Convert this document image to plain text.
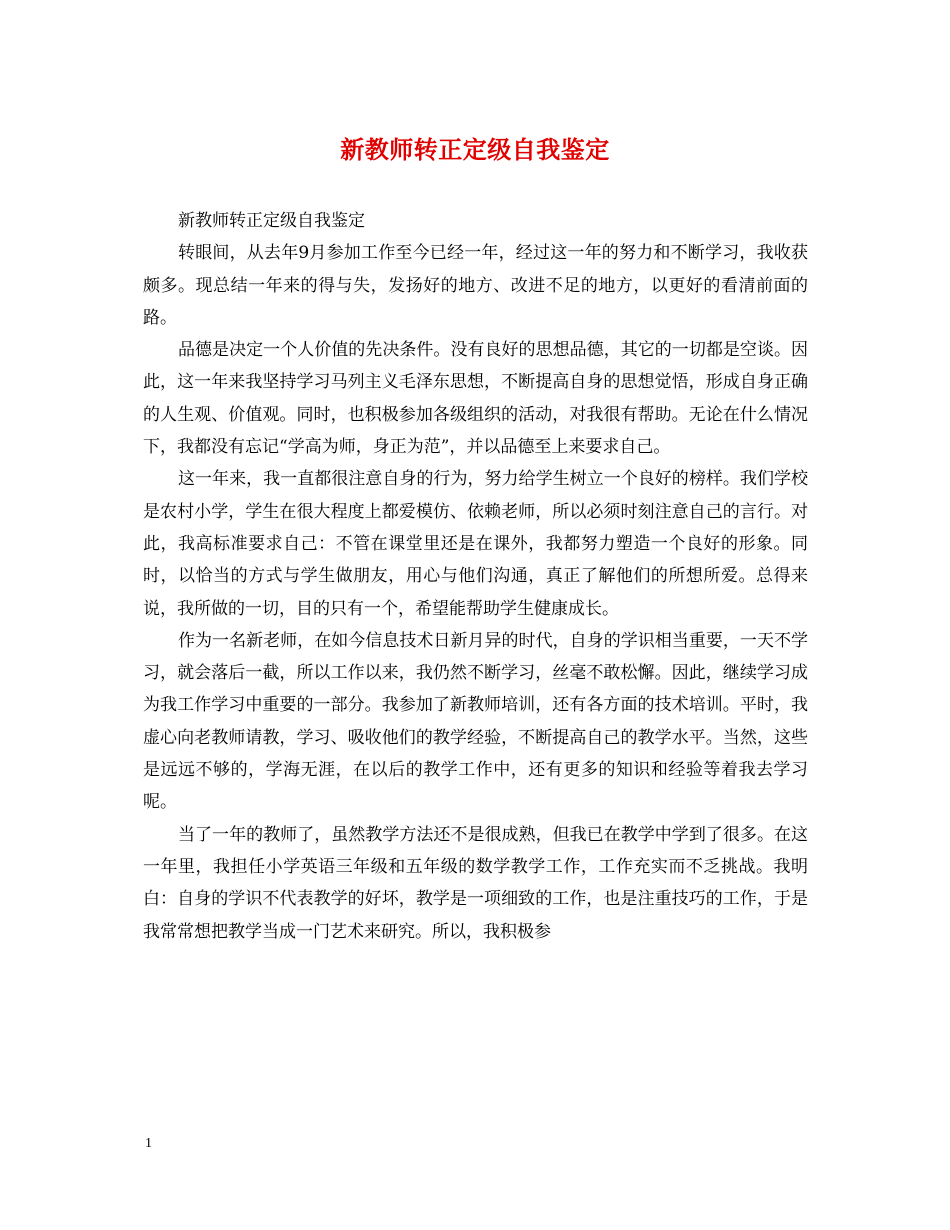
新教师转正定级自我鉴定

新教师转正定级自我鉴定

转眼间，从去年9月参加工作至今已经一年，经过这一年的努力和不断学习，我收获颇多。现总结一年来的得与失，发扬好的地方、改进不足的地方，以更好的看清前面的路。

品德是决定一个人价值的先决条件。没有良好的思想品德，其它的一切都是空谈。因此，这一年来我坚持学习马列主义毛泽东思想，不断提高自身的思想觉悟，形成自身正确的人生观、价值观。同时，也积极参加各级组织的活动，对我很有帮助。无论在什么情况下，我都没有忘记“学高为师，身正为范”，并以品德至上来要求自己。

这一年来，我一直都很注意自身的行为，努力给学生树立一个良好的榜样。我们学校是农村小学，学生在很大程度上都爱模仿、依赖老师，所以必须时刻注意自己的言行。对此，我高标准要求自己：不管在课堂里还是在课外，我都努力塑造一个良好的形象。同时，以恰当的方式与学生做朋友，用心与他们沟通，真正了解他们的所想所爱。总得来说，我所做的一切，目的只有一个，希望能帮助学生健康成长。

作为一名新老师，在如今信息技术日新月异的时代，自身的学识相当重要，一天不学习，就会落后一截，所以工作以来，我仍然不断学习，丝毫不敢松懈。因此，继续学习成为我工作学习中重要的一部分。我参加了新教师培训，还有各方面的技术培训。平时，我虚心向老教师请教，学习、吸收他们的教学经验，不断提高自己的教学水平。当然，这些是远远不够的，学海无涯，在以后的教学工作中，还有更多的知识和经验等着我去学习呢。

当了一年的教师了，虽然教学方法还不是很成熟，但我已在教学中学到了很多。在这一年里，我担任小学英语三年级和五年级的数学教学工作，工作充实而不乏挑战。我明白：自身的学识不代表教学的好坏，教学是一项细致的工作，也是注重技巧的工作，于是我常常想把教学当成一门艺术来研究。所以，我积极参

1
